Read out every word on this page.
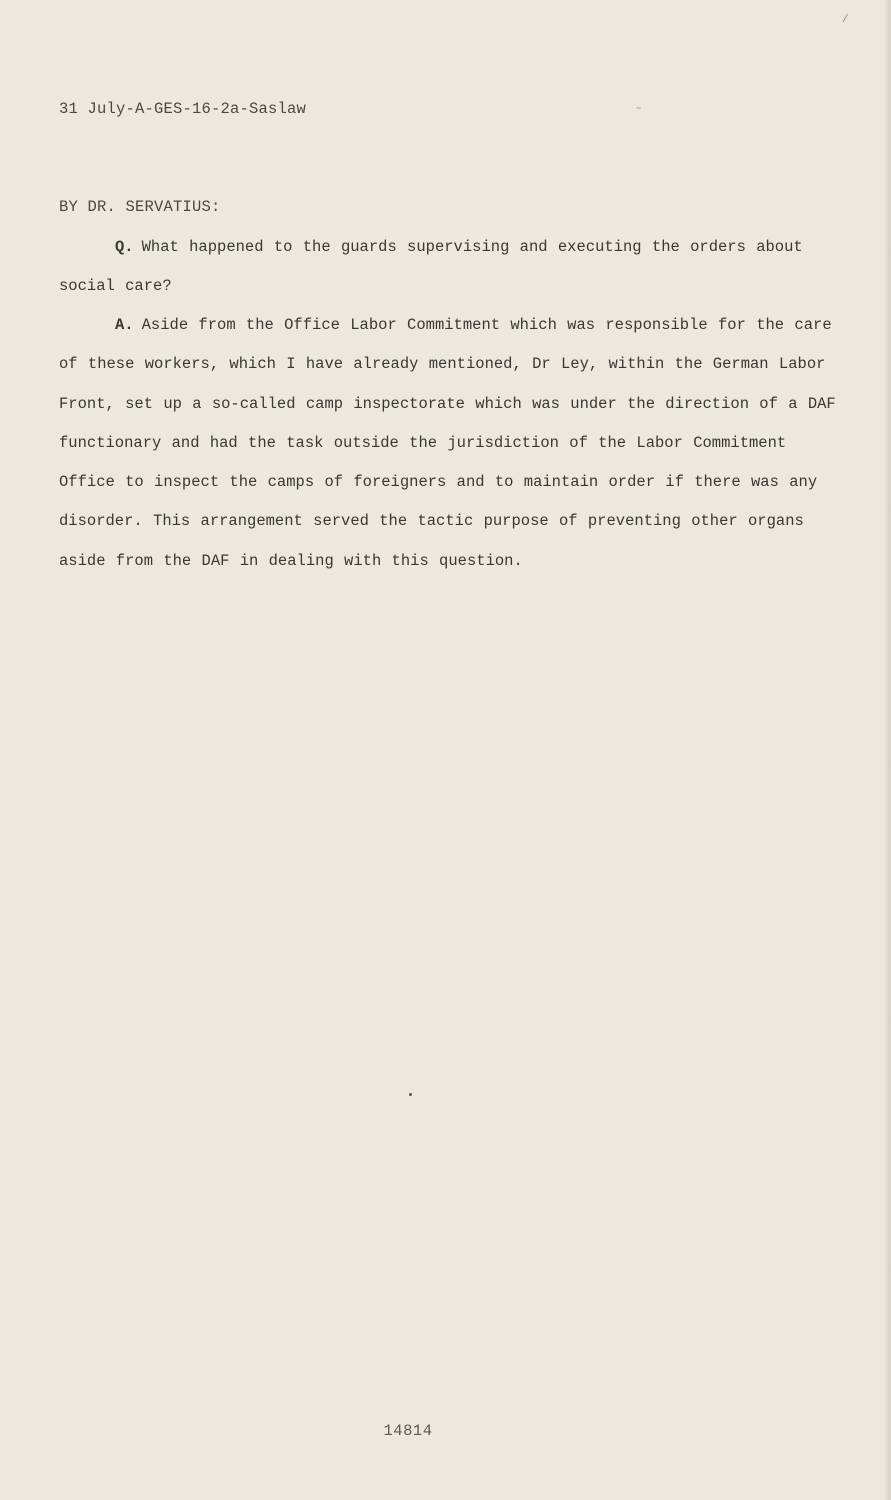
/
31 July-A-GES-16-2a-Saslaw	~
BY DR. SERVATIUS:
Q. What happened to the guards supervising and executing the orders about social care?
A. Aside from the Office Labor Commitment which was responsible for the care of these workers, which I have already mentioned, Dr Ley, within the German Labor Front, set up a so-called camp inspectorate which was under the direction of a DAF functionary and had the task outside the jurisdiction of the Labor Commitment Office to inspect the camps of foreigners and to maintain order if there was any disorder. This arrangement served the tactic purpose of preventing other organs aside from the DAF in dealing with this question.
14814
